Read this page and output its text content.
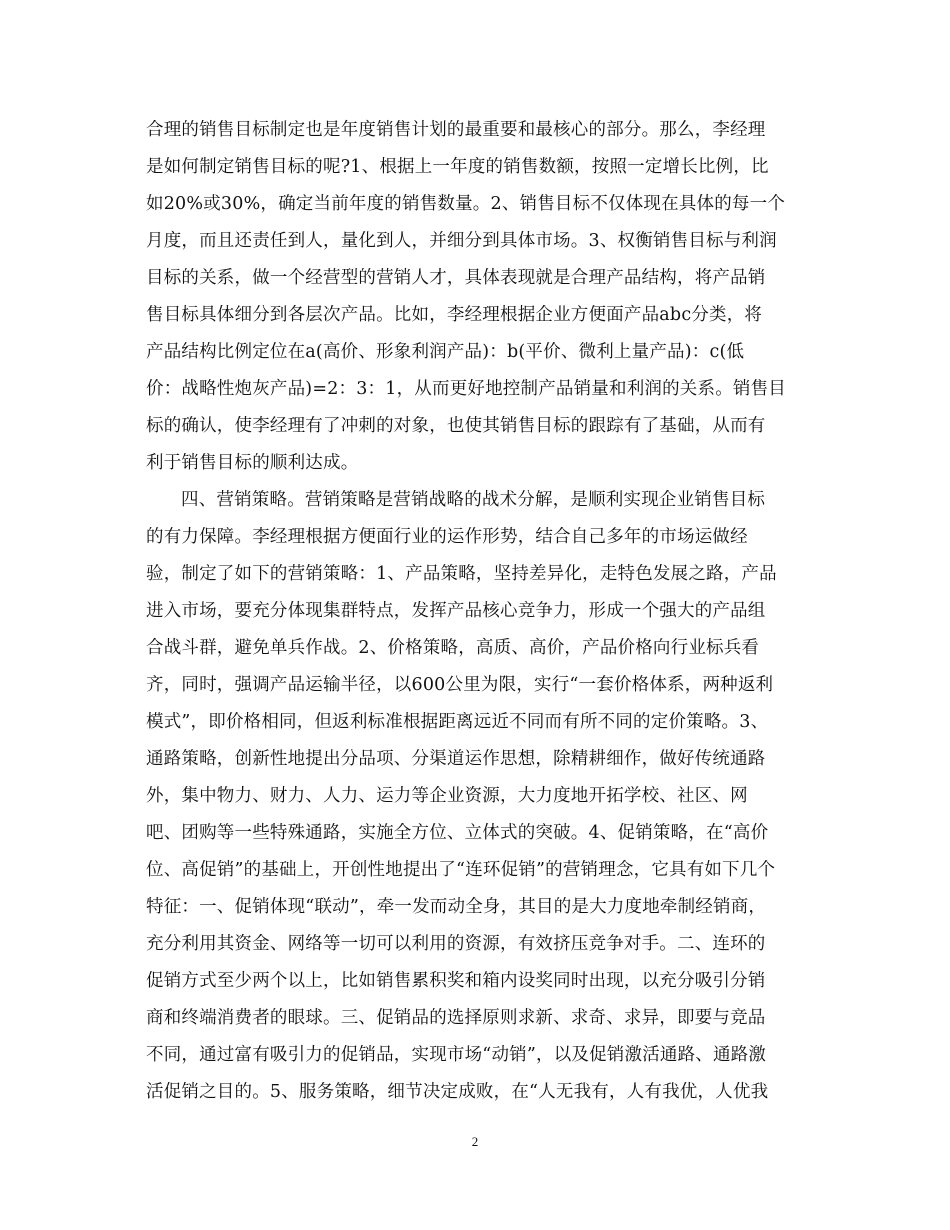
合理的销售目标制定也是年度销售计划的最重要和最核心的部分。那么，李经理
是如何制定销售目标的呢?1、根据上一年度的销售数额，按照一定增长比例，比
如20%或30%，确定当前年度的销售数量。2、销售目标不仅体现在具体的每一个
月度，而且还责任到人，量化到人，并细分到具体市场。3、权衡销售目标与利润
目标的关系，做一个经营型的营销人才，具体表现就是合理产品结构，将产品销
售目标具体细分到各层次产品。比如，李经理根据企业方便面产品abc分类，将
产品结构比例定位在a(高价、形象利润产品)：b(平价、微利上量产品)：c(低
价：战略性炮灰产品)=2：3：1，从而更好地控制产品销量和利润的关系。销售目
标的确认，使李经理有了冲刺的对象，也使其销售目标的跟踪有了基础，从而有
利于销售目标的顺利达成。
四、营销策略。营销策略是营销战略的战术分解，是顺利实现企业销售目标
的有力保障。李经理根据方便面行业的运作形势，结合自己多年的市场运做经
验，制定了如下的营销策略：1、产品策略，坚持差异化，走特色发展之路，产品
进入市场，要充分体现集群特点，发挥产品核心竞争力，形成一个强大的产品组
合战斗群，避免单兵作战。2、价格策略，高质、高价，产品价格向行业标兵看
齐，同时，强调产品运输半径，以600公里为限，实行“一套价格体系，两种返利
模式”，即价格相同，但返利标准根据距离远近不同而有所不同的定价策略。3、
通路策略，创新性地提出分品项、分渠道运作思想，除精耕细作，做好传统通路
外，集中物力、财力、人力、运力等企业资源，大力度地开拓学校、社区、网
吧、团购等一些特殊通路，实施全方位、立体式的突破。4、促销策略，在“高价
位、高促销”的基础上，开创性地提出了“连环促销”的营销理念，它具有如下几个
特征：一、促销体现“联动”，牵一发而动全身，其目的是大力度地牵制经销商，
充分利用其资金、网络等一切可以利用的资源，有效挤压竞争对手。二、连环的
促销方式至少两个以上，比如销售累积奖和箱内设奖同时出现，以充分吸引分销
商和终端消费者的眼球。三、促销品的选择原则求新、求奇、求异，即要与竞品
不同，通过富有吸引力的促销品，实现市场“动销”，以及促销激活通路、通路激
活促销之目的。5、服务策略，细节决定成败，在“人无我有，人有我优，人优我
2
